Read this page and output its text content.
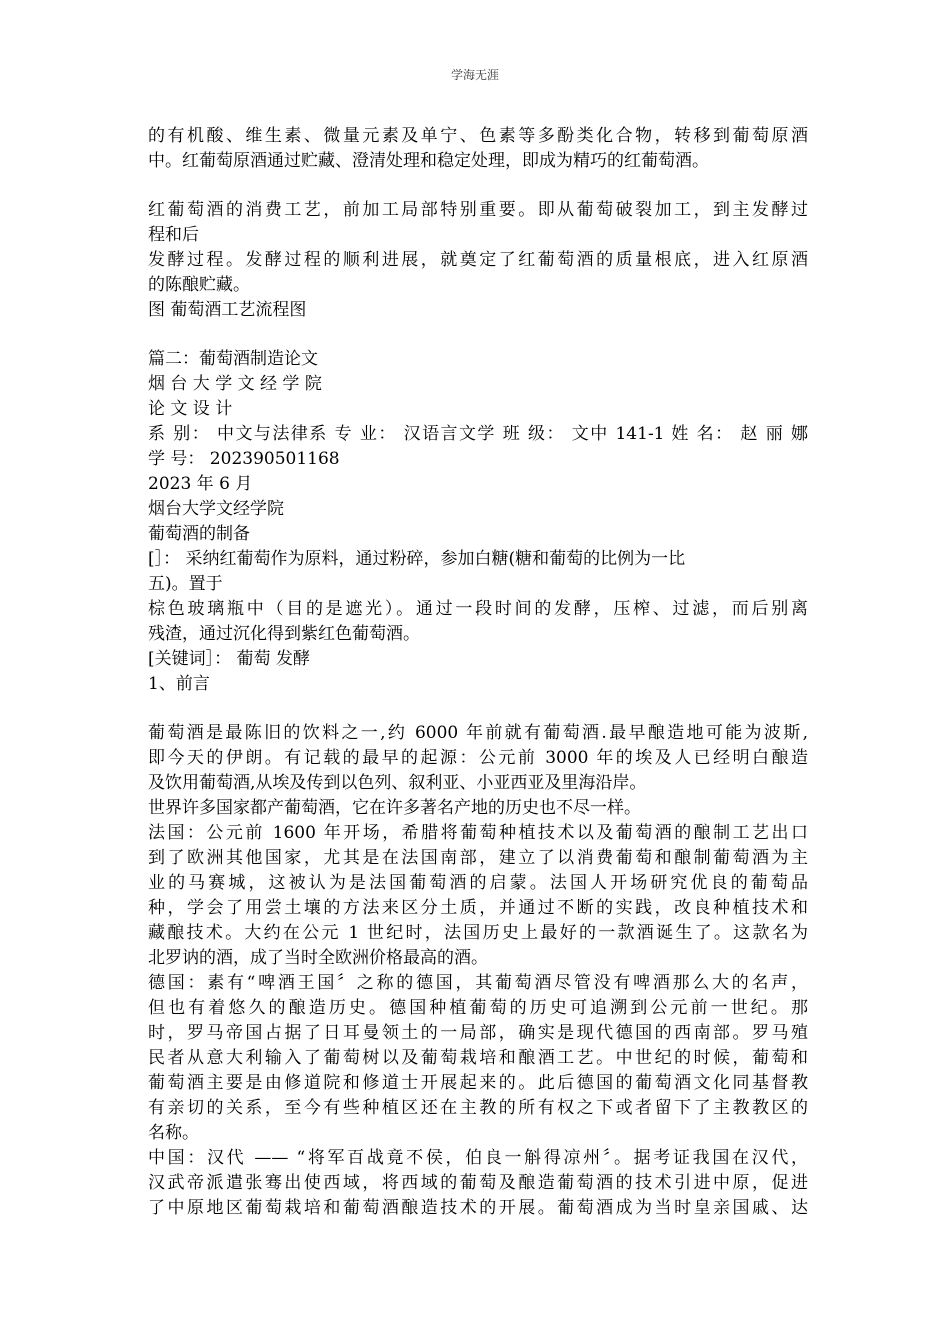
学海无涯
的有机酸、维生素、微量元素及单宁、色素等多酚类化合物，转移到葡萄原酒
中。红葡萄原酒通过贮藏、澄清处理和稳定处理，即成为精巧的红葡萄酒。
红葡萄酒的消费工艺，前加工局部特别重要。即从葡萄破裂加工，到主发酵过
程和后
发酵过程。发酵过程的顺利进展，就奠定了红葡萄酒的质量根底，进入红原酒
的陈酿贮藏。
图 葡萄酒工艺流程图
篇二：葡萄酒制造论文
烟 台 大 学 文 经 学 院
论 文 设 计
系 别： 中文与法律系 专 业： 汉语言文学 班 级： 文中 141-1 姓 名： 赵 丽 娜
学 号： 202390501168
2023 年 6 月
烟台大学文经学院
葡萄酒的制备
[］： 采纳红葡萄作为原料，通过粉碎，参加白糖(糖和葡萄的比例为一比
五)。置于
棕色玻璃瓶中（目的是遮光）。通过一段时间的发酵，压榨、过滤，而后别离
残渣，通过沉化得到紫红色葡萄酒。
[关键词］： 葡萄 发酵
1、前言
葡萄酒是最陈旧的饮料之一,约 6000 年前就有葡萄酒.最早酿造地可能为波斯,
即今天的伊朗。有记载的最早的起源：公元前 3000 年的埃及人已经明白酿造
及饮用葡萄酒,从埃及传到以色列、叙利亚、小亚西亚及里海沿岸。
世界许多国家都产葡萄酒，它在许多著名产地的历史也不尽一样。
法国：公元前 1600 年开场，希腊将葡萄种植技术以及葡萄酒的酿制工艺出口
到了欧洲其他国家，尤其是在法国南部，建立了以消费葡萄和酿制葡萄酒为主
业的马赛城，这被认为是法国葡萄酒的启蒙。法国人开场研究优良的葡萄品
种，学会了用尝土壤的方法来区分土质，并通过不断的实践，改良种植技术和
藏酿技术。大约在公元 1 世纪时，法国历史上最好的一款酒诞生了。这款名为
北罗讷的酒，成了当时全欧洲价格最高的酒。
德国：素有“啤酒王国〞之称的德国，其葡萄酒尽管没有啤酒那么大的名声，
但也有着悠久的酿造历史。德国种植葡萄的历史可追溯到公元前一世纪。那
时，罗马帝国占据了日耳曼领土的一局部，确实是现代德国的西南部。罗马殖
民者从意大利输入了葡萄树以及葡萄栽培和酿酒工艺。中世纪的时候，葡萄和
葡萄酒主要是由修道院和修道士开展起来的。此后德国的葡萄酒文化同基督教
有亲切的关系，至今有些种植区还在主教的所有权之下或者留下了主教教区的
名称。
中国：汉代 —— “将军百战竟不侯，伯良一斛得凉州〞。据考证我国在汉代，
汉武帝派遣张骞出使西域，将西域的葡萄及酿造葡萄酒的技术引进中原，促进
了中原地区葡萄栽培和葡萄酒酿造技术的开展。葡萄酒成为当时皇亲国戚、达
